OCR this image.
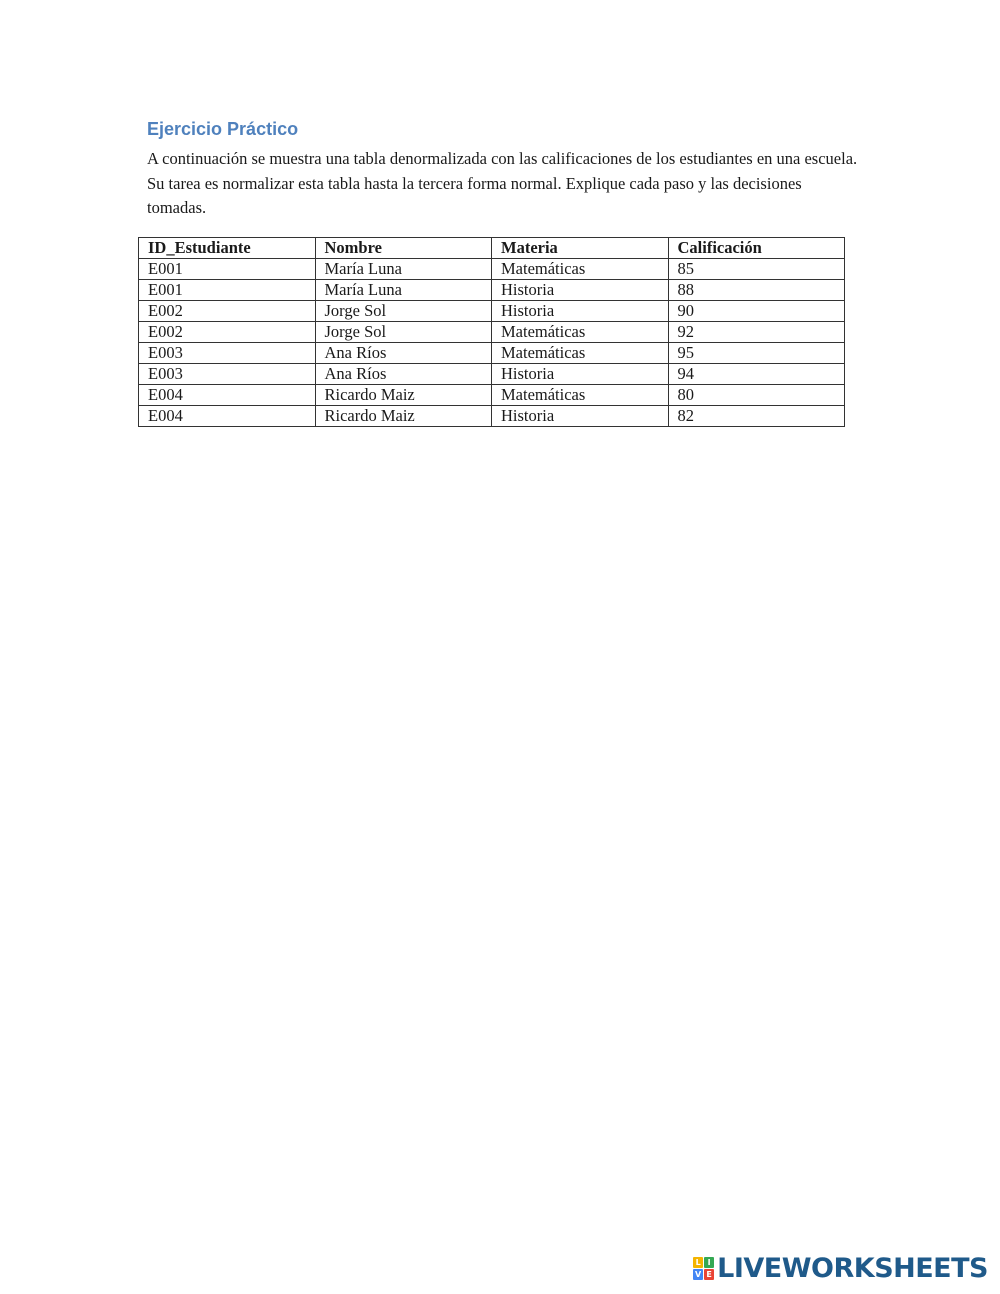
Ejercicio Práctico

A continuación se muestra una tabla denormalizada con las calificaciones de los estudiantes en una escuela. Su tarea es normalizar esta tabla hasta la tercera forma normal. Explique cada paso y las decisiones tomadas.

ID_Estudiante	Nombre	Materia	Calificación
E001	María Luna	Matemáticas	85
E001	María Luna	Historia	88
E002	Jorge Sol	Historia	90
E002	Jorge Sol	Matemáticas	92
E003	Ana Ríos	Matemáticas	95
E003	Ana Ríos	Historia	94
E004	Ricardo Maiz	Matemáticas	80
E004	Ricardo Maiz	Historia	82
L I
V E LIVEWORKSHEETS
